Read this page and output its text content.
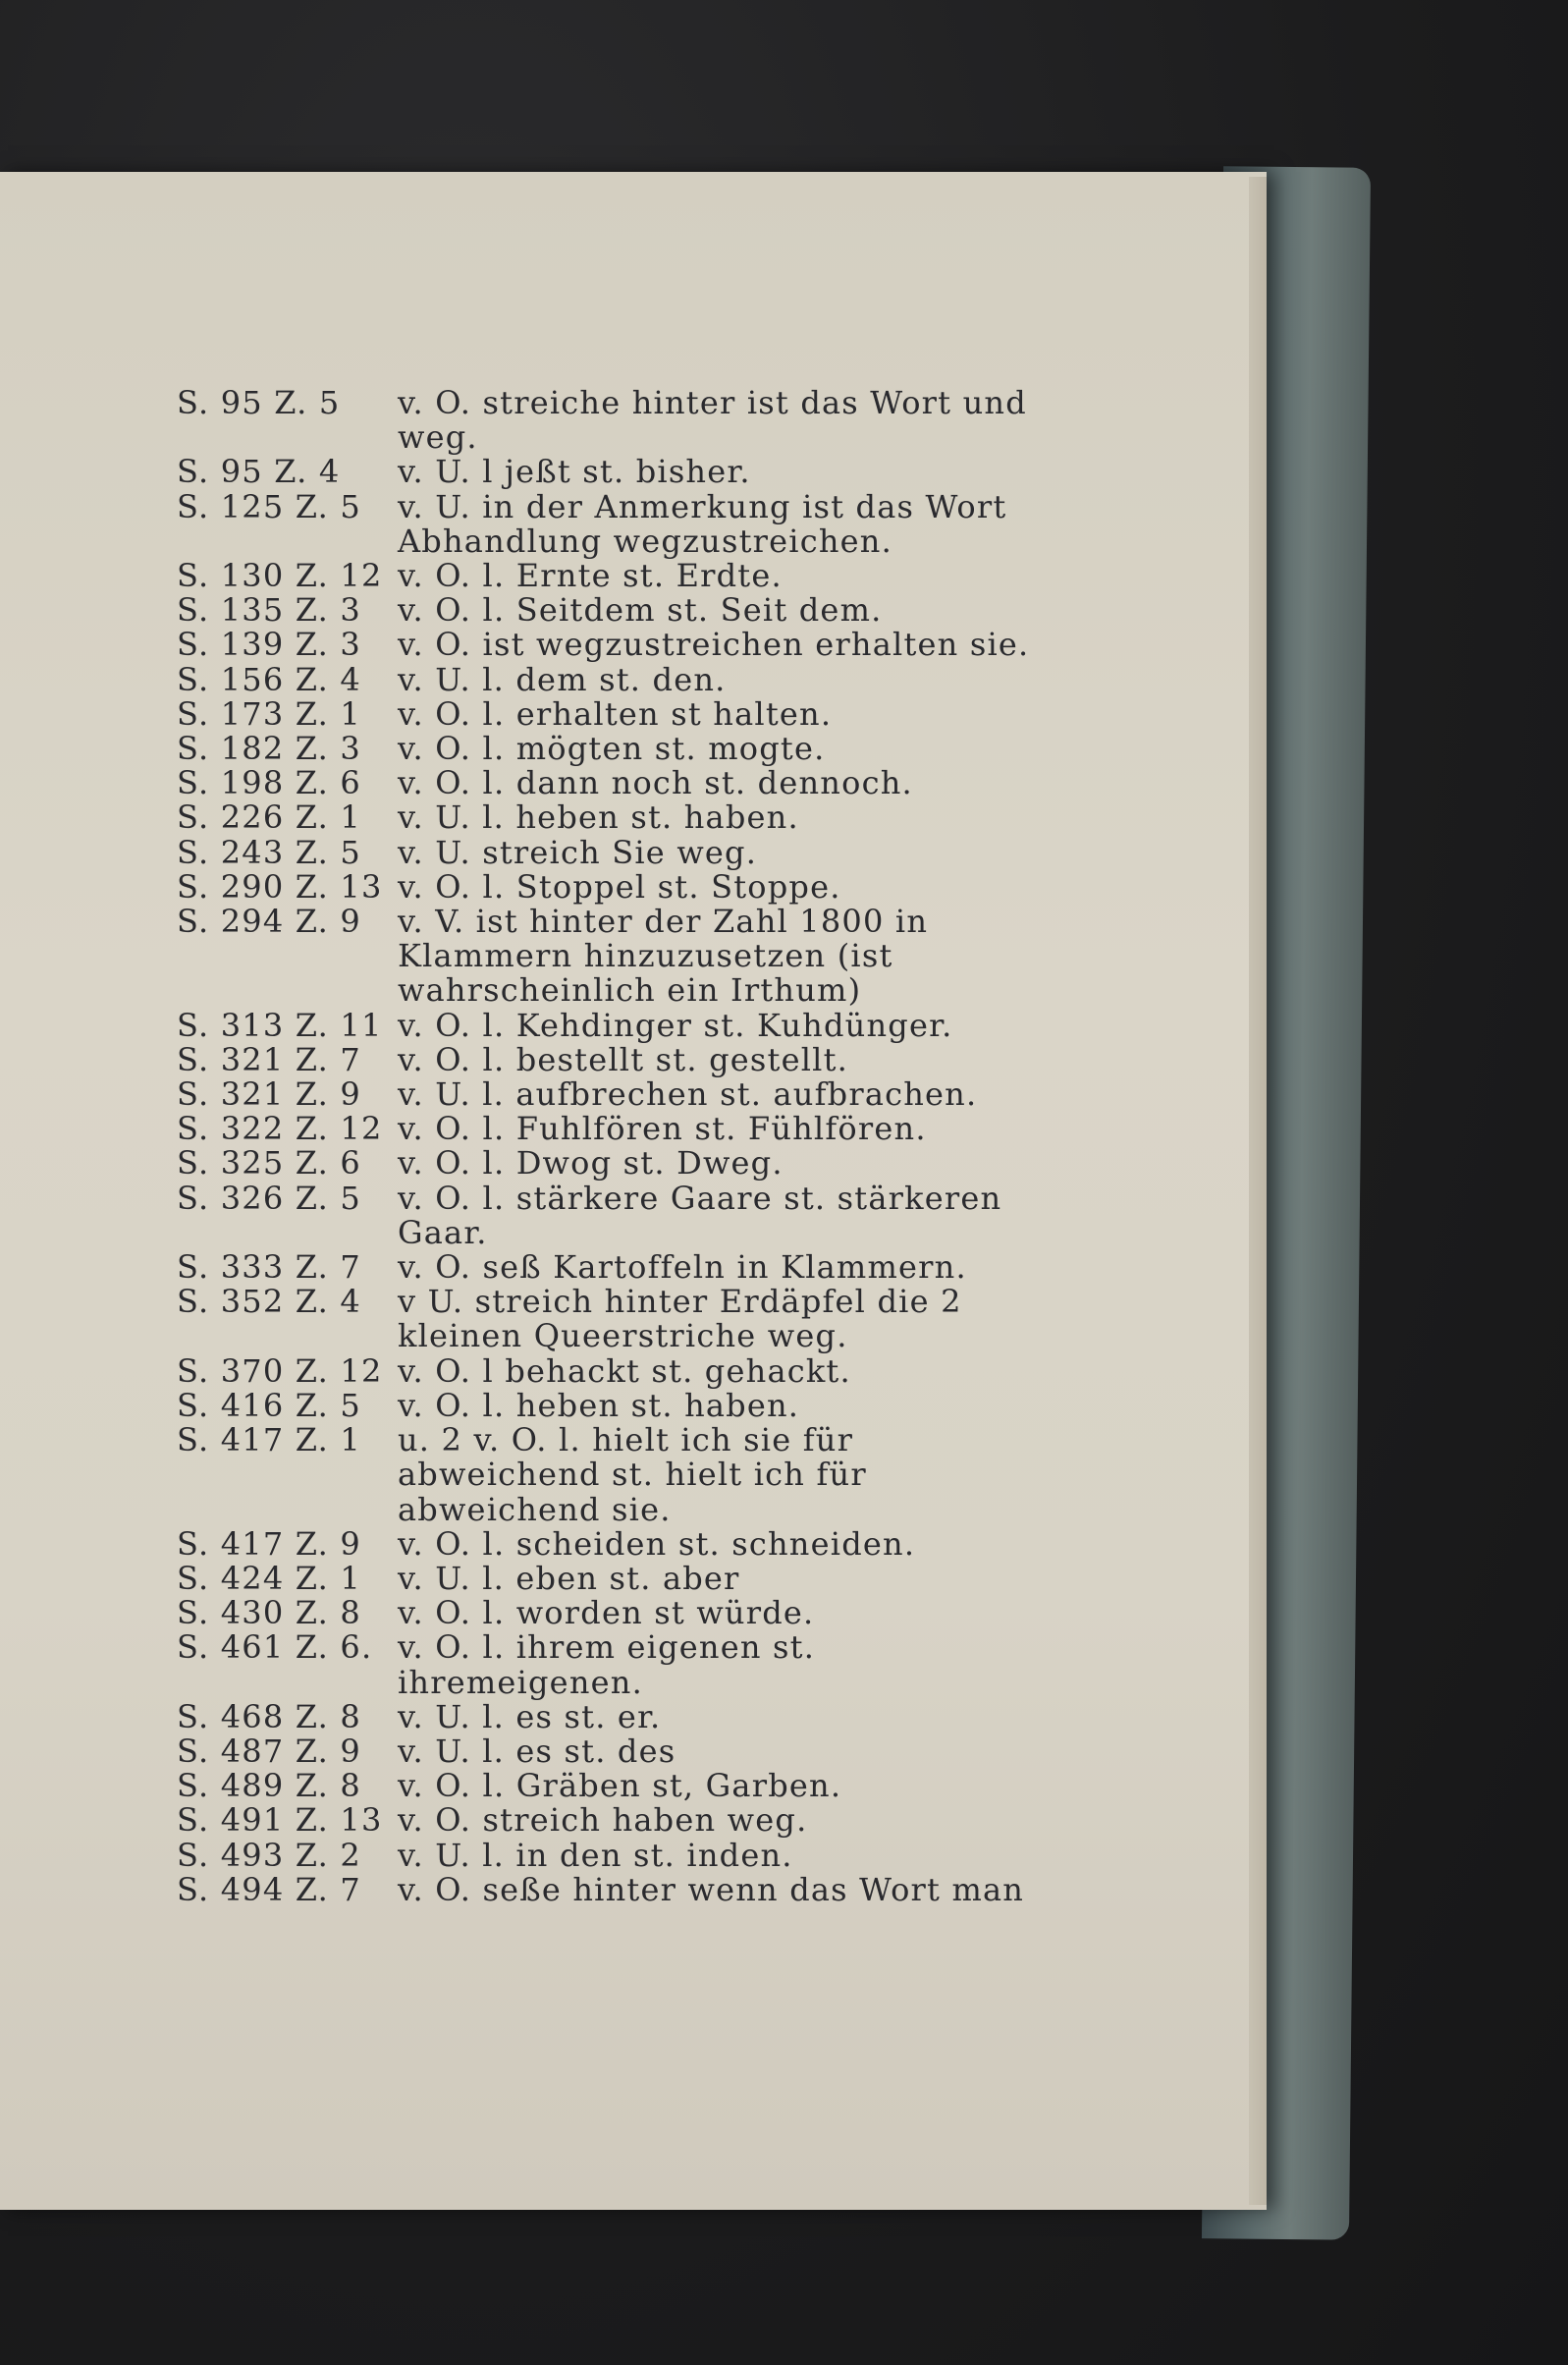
S. 95 Z. 5	v. O. streiche hinter ist das Wort und weg.
S. 95 Z. 4	v. U. l jeßt st. bisher.
S. 125 Z. 5	v. U. in der Anmerkung ist das Wort Abhandlung wegzustreichen.
S. 130 Z. 12 v. O. l. Ernte st. Erdte.
S. 135 Z. 3	v. O. l. Seitdem st. Seit dem.
S. 139 Z. 3	v. O. ist wegzustreichen erhalten sie.
S. 156 Z. 4	v. U. l. dem st. den.
S. 173 Z. 1	v. O. l. erhalten st halten.
S. 182 Z. 3	v. O. l. mögten st. mogte.
S. 198 Z. 6	v. O. l. dann noch st. dennoch.
S. 226 Z. 1	v. U. l. heben st. haben.
S. 243 Z. 5	v. U. streich Sie weg.
S. 290 Z. 13 v. O. l. Stoppel st. Stoppe.
S. 294 Z. 9	v. V. ist hinter der Zahl 1800 in Klammern hinzuzusetzen (ist wahrscheinlich ein Irthum)
S. 313 Z. 11 v. O. l. Kehdinger st. Kuhdünger.
S. 321 Z. 7	v. O. l. bestellt st. gestellt.
S. 321 Z. 9	v. U. l. aufbrechen st. aufbrachen.
S. 322 Z. 12 v. O. l. Fuhlfören st. Fühlfören.
S. 325 Z. 6	v. O. l. Dwog st. Dweg.
S. 326 Z. 5	v. O. l. stärkere Gaare st. stärkeren Gaar.
S. 333 Z. 7	v. O. seß Kartoffeln in Klammern.
S. 352 Z. 4	v U. streich hinter Erdäpfel die 2 kleinen Queerstriche weg.
S. 370 Z. 12 v. O. l behackt st. gehackt.
S. 416 Z. 5	v. O. l. heben st. haben.
S. 417 Z. 1	u. 2 v. O. l. hielt ich sie für abweichend st. hielt ich für abweichend sie.
S. 417 Z. 9	v. O. l. scheiden st. schneiden.
S. 424 Z. 1	v. U. l. eben st. aber
S. 430 Z. 8	v. O. l. worden st würde.
S. 461 Z. 6. v. O. l. ihrem eigenen st. ihremeigenen.
S. 468 Z. 8	v. U. l. es st. er.
S. 487 Z. 9	v. U. l. es st. des
S. 489 Z. 8	v. O. l. Gräben st, Garben.
S. 491 Z. 13 v. O. streich haben weg.
S. 493 Z. 2	v. U. l. in den st. inden.
S. 494 Z. 7	v. O. seße hinter wenn das Wort man
